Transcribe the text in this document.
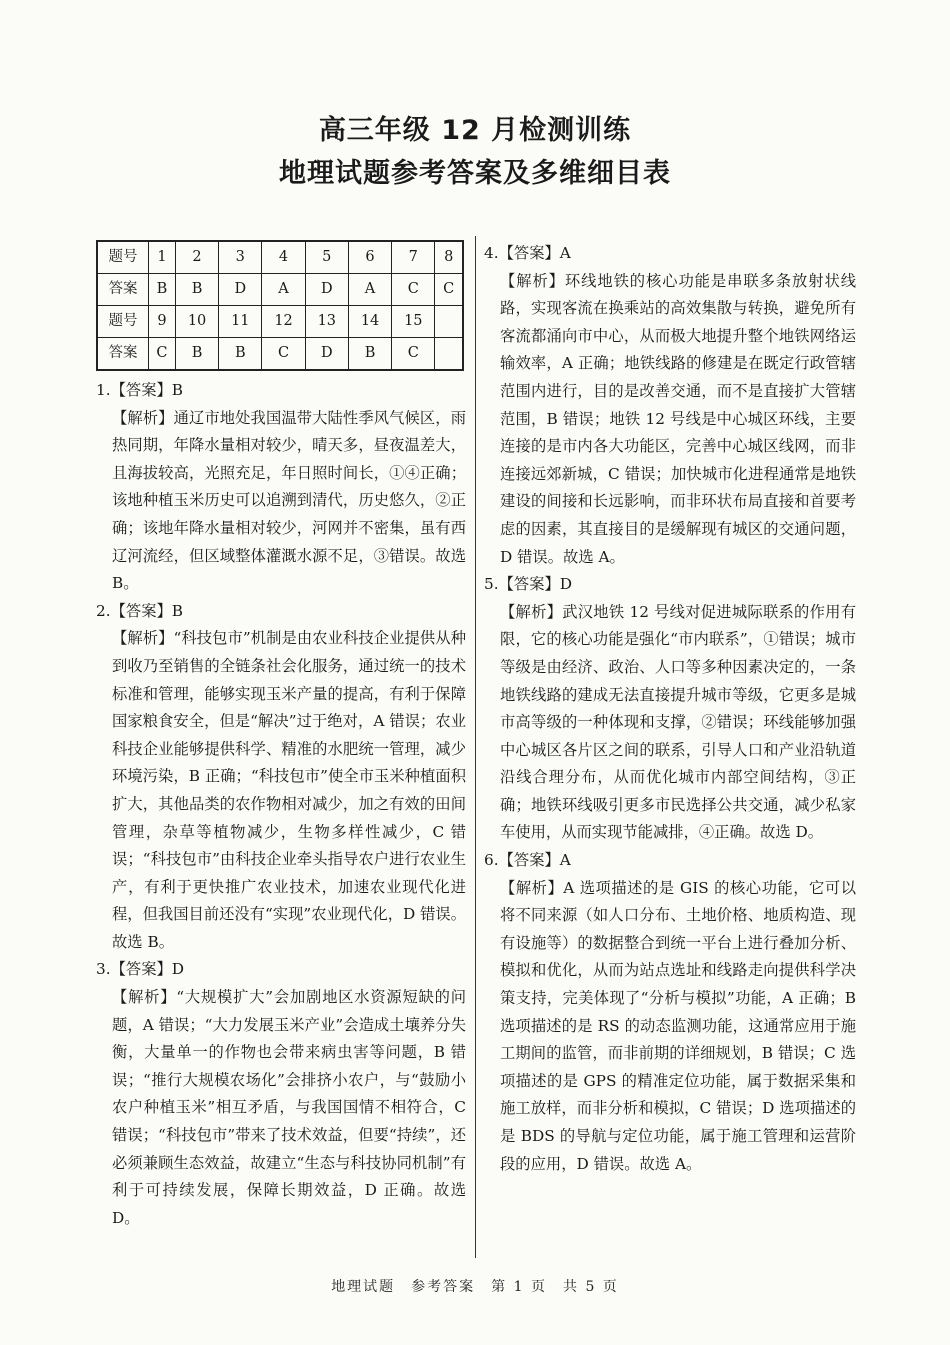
高三年级 12 月检测训练
地理试题参考答案及多维细目表
题号	1	2	3	4	5	6	7	8
答案	B	B	D	A	D	A	C	C
题号	9	10	11	12	13	14	15	
答案	C	B	B	C	D	B	C	
1.【答案】B
【解析】通辽市地处我国温带大陆性季风气候区，雨热同期，年降水量相对较少，晴天多，昼夜温差大，且海拔较高，光照充足，年日照时间长，①④正确；该地种植玉米历史可以追溯到清代，历史悠久，②正确；该地年降水量相对较少，河网并不密集，虽有西辽河流经，但区域整体灌溉水源不足，③错误。故选 B。
2.【答案】B
【解析】“科技包市”机制是由农业科技企业提供从种到收乃至销售的全链条社会化服务，通过统一的技术标准和管理，能够实现玉米产量的提高，有利于保障国家粮食安全，但是“解决”过于绝对，A 错误；农业科技企业能够提供科学、精准的水肥统一管理，减少环境污染，B 正确；“科技包市”使全市玉米种植面积扩大，其他品类的农作物相对减少，加之有效的田间管理，杂草等植物减少，生物多样性减少，C 错误；“科技包市”由科技企业牵头指导农户进行农业生产，有利于更快推广农业技术，加速农业现代化进程，但我国目前还没有“实现”农业现代化，D 错误。故选 B。
3.【答案】D
【解析】“大规模扩大”会加剧地区水资源短缺的问题，A 错误；“大力发展玉米产业”会造成土壤养分失衡，大量单一的作物也会带来病虫害等问题，B 错误；“推行大规模农场化”会排挤小农户，与“鼓励小农户种植玉米”相互矛盾，与我国国情不相符合，C 错误；“科技包市”带来了技术效益，但要“持续”，还必须兼顾生态效益，故建立“生态与科技协同机制”有利于可持续发展，保障长期效益，D 正确。故选 D。
4.【答案】A
【解析】环线地铁的核心功能是串联多条放射状线路，实现客流在换乘站的高效集散与转换，避免所有客流都涌向市中心，从而极大地提升整个地铁网络运输效率，A 正确；地铁线路的修建是在既定行政管辖范围内进行，目的是改善交通，而不是直接扩大管辖范围，B 错误；地铁 12 号线是中心城区环线，主要连接的是市内各大功能区，完善中心城区线网，而非连接远郊新城，C 错误；加快城市化进程通常是地铁建设的间接和长远影响，而非环状布局直接和首要考虑的因素，其直接目的是缓解现有城区的交通问题，D 错误。故选 A。
5.【答案】D
【解析】武汉地铁 12 号线对促进城际联系的作用有限，它的核心功能是强化“市内联系”，①错误；城市等级是由经济、政治、人口等多种因素决定的，一条地铁线路的建成无法直接提升城市等级，它更多是城市高等级的一种体现和支撑，②错误；环线能够加强中心城区各片区之间的联系，引导人口和产业沿轨道沿线合理分布，从而优化城市内部空间结构，③正确；地铁环线吸引更多市民选择公共交通，减少私家车使用，从而实现节能减排，④正确。故选 D。
6.【答案】A
【解析】A 选项描述的是 GIS 的核心功能，它可以将不同来源（如人口分布、土地价格、地质构造、现有设施等）的数据整合到统一平台上进行叠加分析、模拟和优化，从而为站点选址和线路走向提供科学决策支持，完美体现了“分析与模拟”功能，A 正确；B 选项描述的是 RS 的动态监测功能，这通常应用于施工期间的监管，而非前期的详细规划，B 错误；C 选项描述的是 GPS 的精准定位功能，属于数据采集和施工放样，而非分析和模拟，C 错误；D 选项描述的是 BDS 的导航与定位功能，属于施工管理和运营阶段的应用，D 错误。故选 A。
地理试题　参考答案　第 1 页　共 5 页
